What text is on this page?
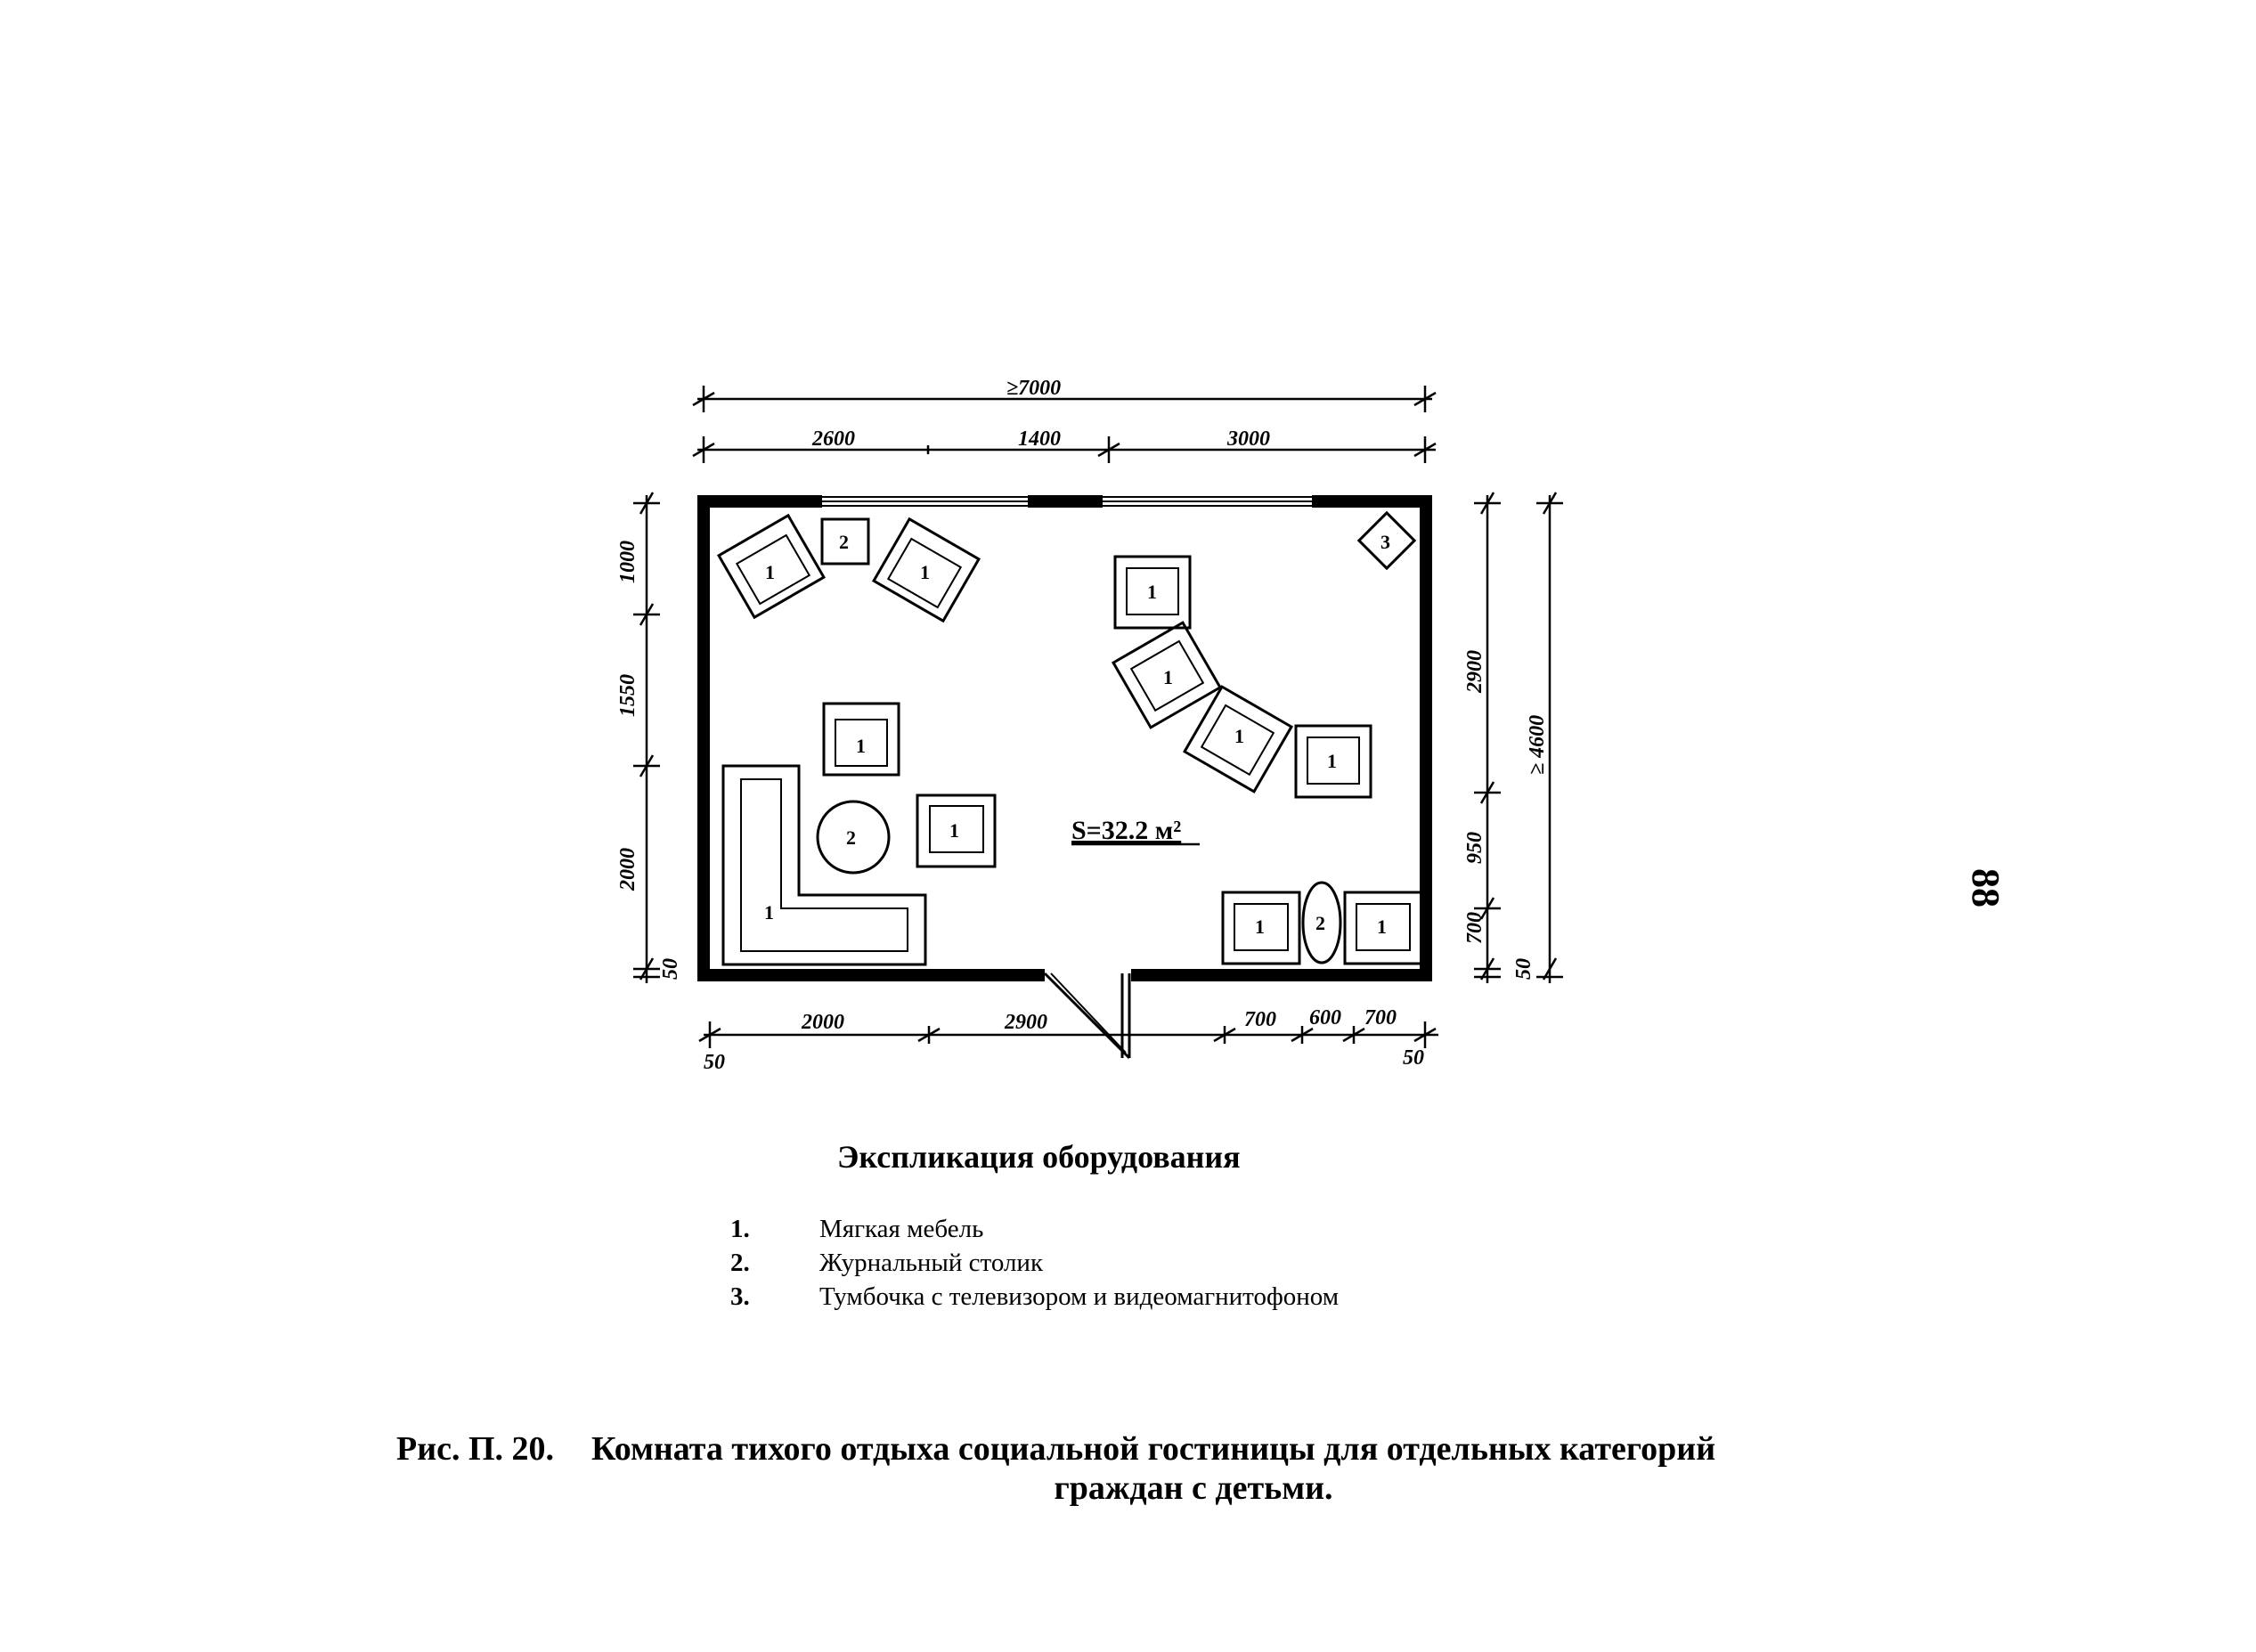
≥7000
2600	1400	3000
2000	2900	700 600 700
50	50
1000
1550
2000
50
2900
950
700
50
≥ 4600
1
2
1
1
2	1
1
1
1
1
1
3
1	2	1
S=32.2 м²
88
Экспликация оборудования
1.	Мягкая мебель
2.	Журнальный столик
3.	Тумбочка с телевизором и видеомагнитофоном
Рис. П. 20. Комната тихого отдыха социальной гостиницы для отдельных категорий
граждан с детьми.
